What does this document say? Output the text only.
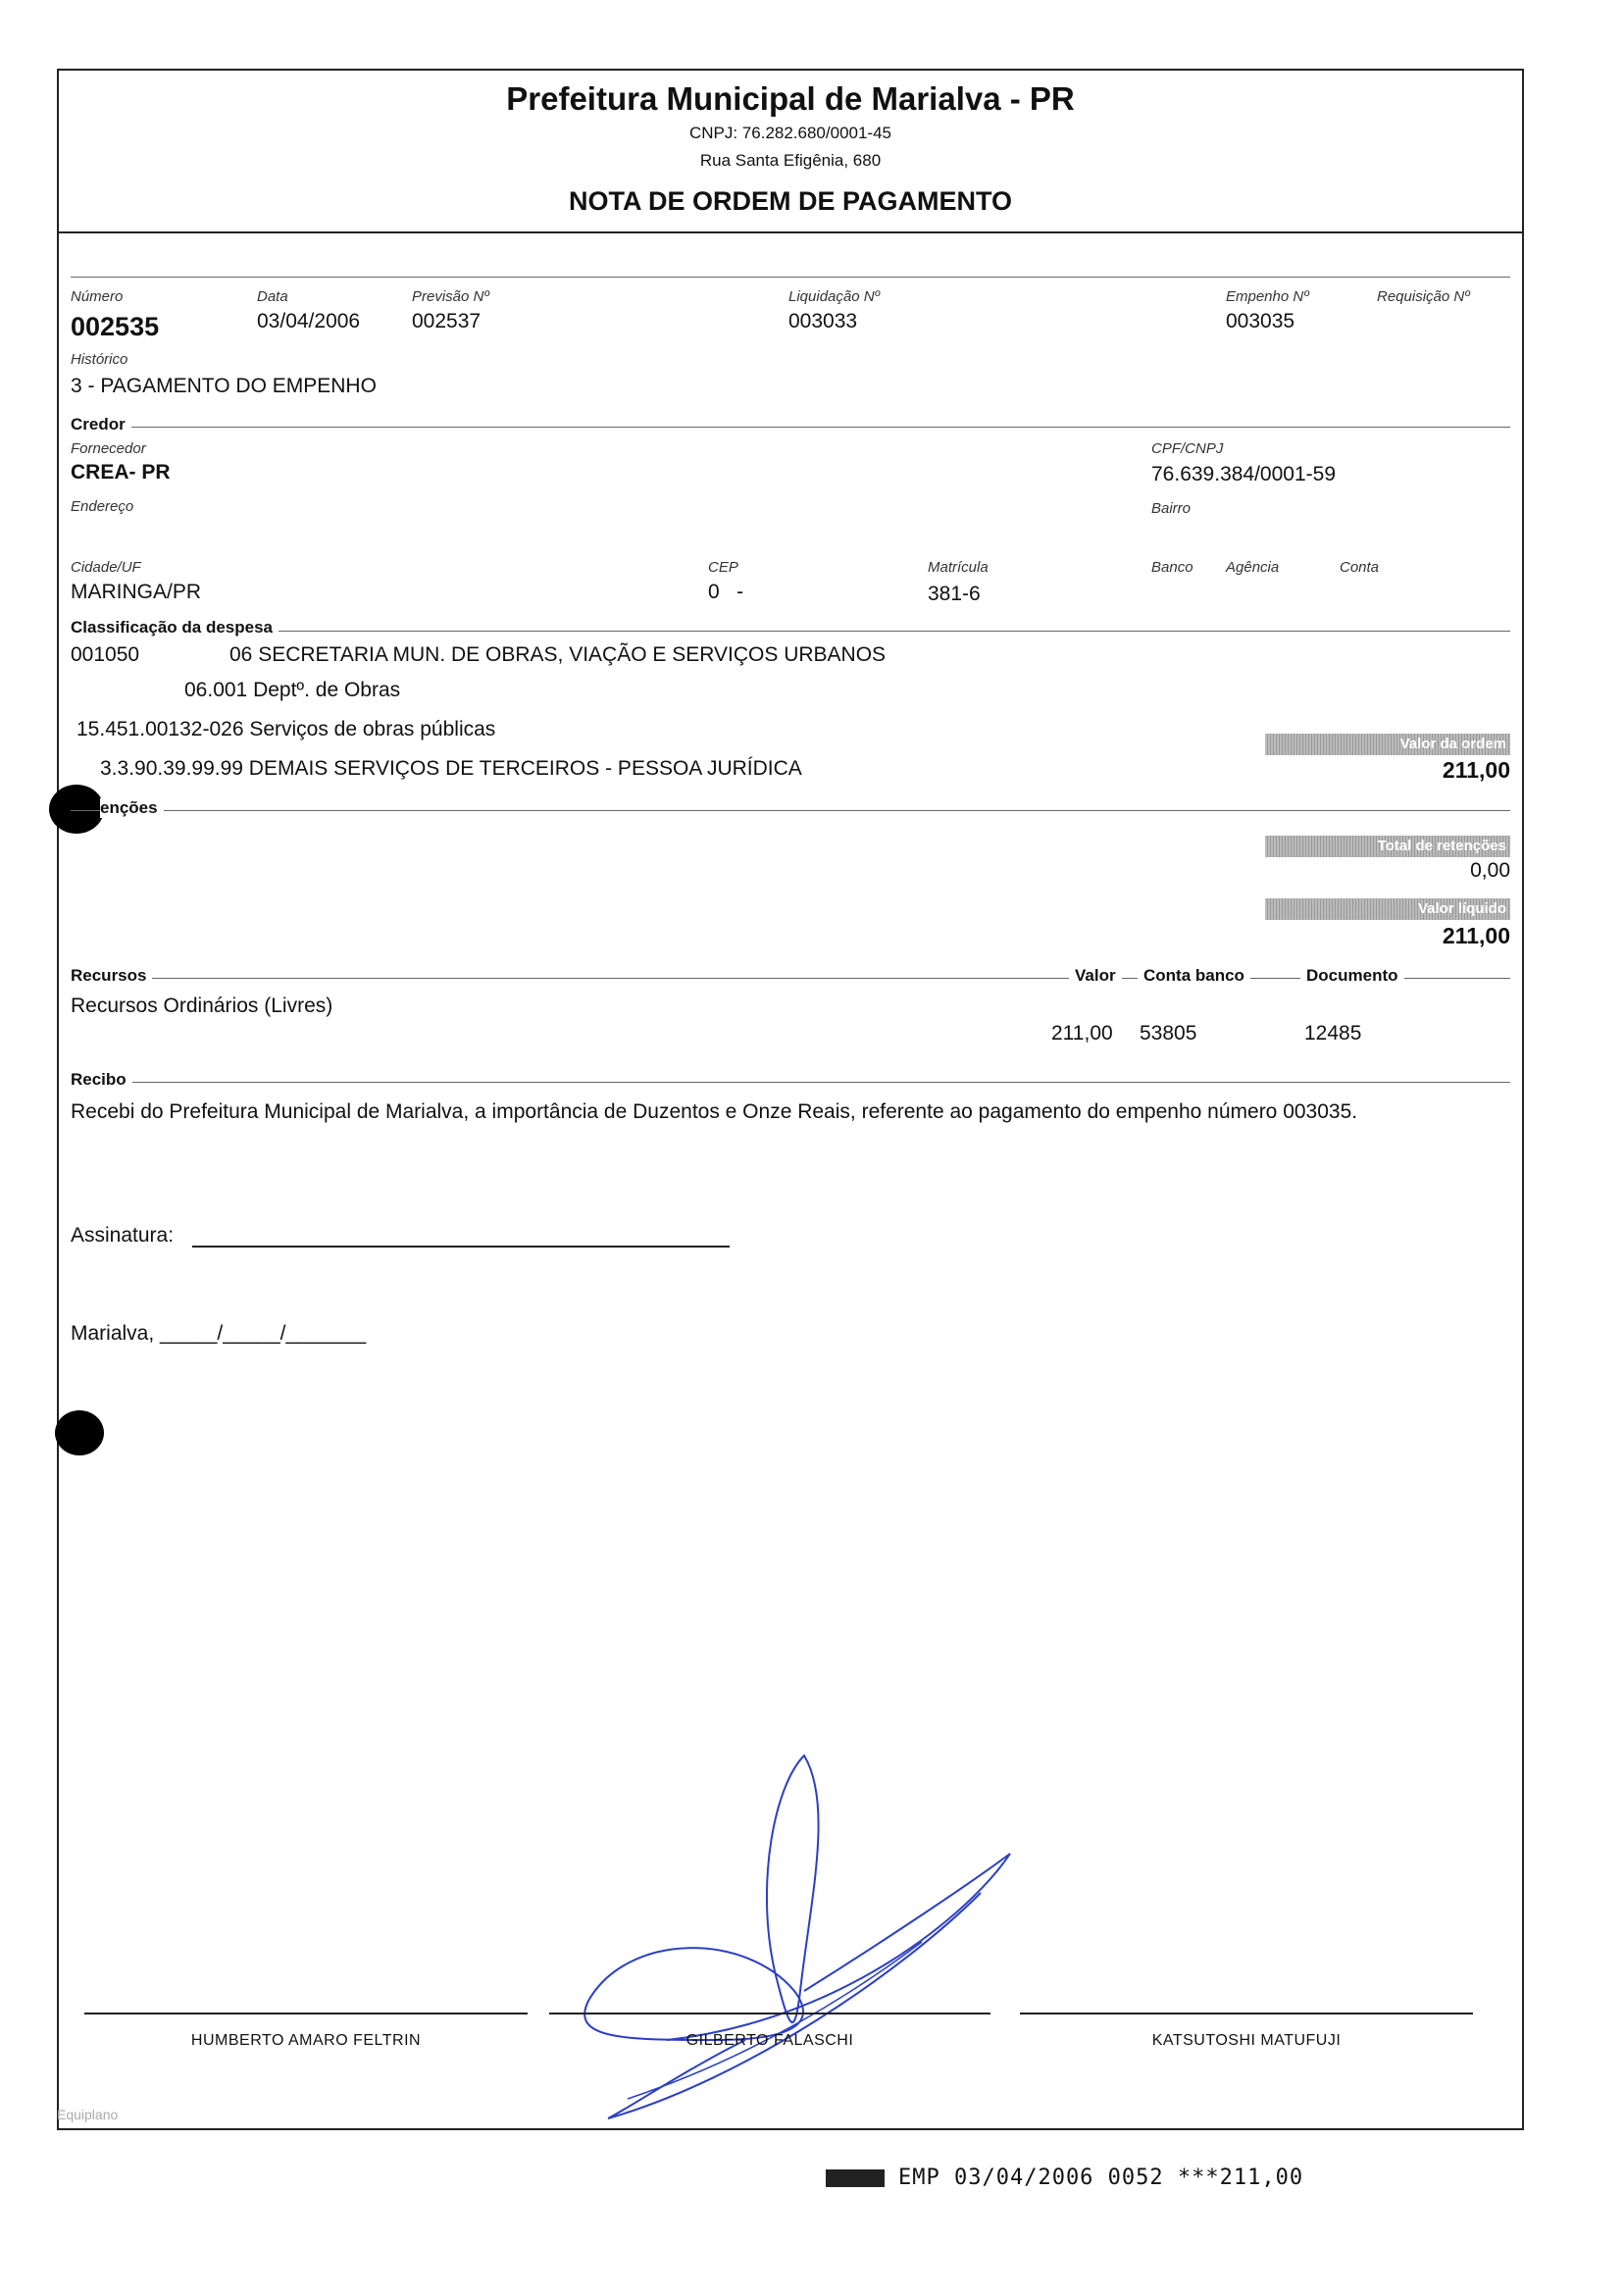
Prefeitura Municipal de Marialva - PR
CNPJ: 76.282.680/0001-45
Rua Santa Efigênia, 680
NOTA DE ORDEM DE PAGAMENTO
Número
002535
Data
03/04/2006
Previsão Nº
002537
Liquidação Nº
003033
Empenho Nº
003035
Requisição Nº
Histórico
3 - PAGAMENTO DO EMPENHO
Credor
Fornecedor
CREA- PR
CPF/CNPJ
76.639.384/0001-59
Endereço	Bairro
Cidade/UF
MARINGA/PR
CEP
0   -
Matrícula
381-6
Banco Agência	Conta
Classificação da despesa
001050	06 SECRETARIA MUN. DE OBRAS, VIAÇÃO E SERVIÇOS URBANOS
06.001 Deptº. de Obras
15.451.00132-026 Serviços de obras públicas
3.3.90.39.99.99 DEMAIS SERVIÇOS DE TERCEIROS - PESSOA JURÍDICA
Valor da ordem
211,00
enções
Total de retenções
0,00
Valor líquido
211,00
Recursos	Valor	Conta banco	Documento
Recursos Ordinários (Livres)
211,00 53805	12485
Recibo
Recebi do Prefeitura Municipal de Marialva, a importância de Duzentos e Onze Reais, referente ao pagamento do empenho número 003035.
Assinatura:
Marialva, _____/_____/_______
HUMBERTO AMARO FELTRIN	GILBERTO FALASCHI	KATSUTOSHI MATUFUJI
Equiplano
EMP 03/04/2006 0052 ***211,00
